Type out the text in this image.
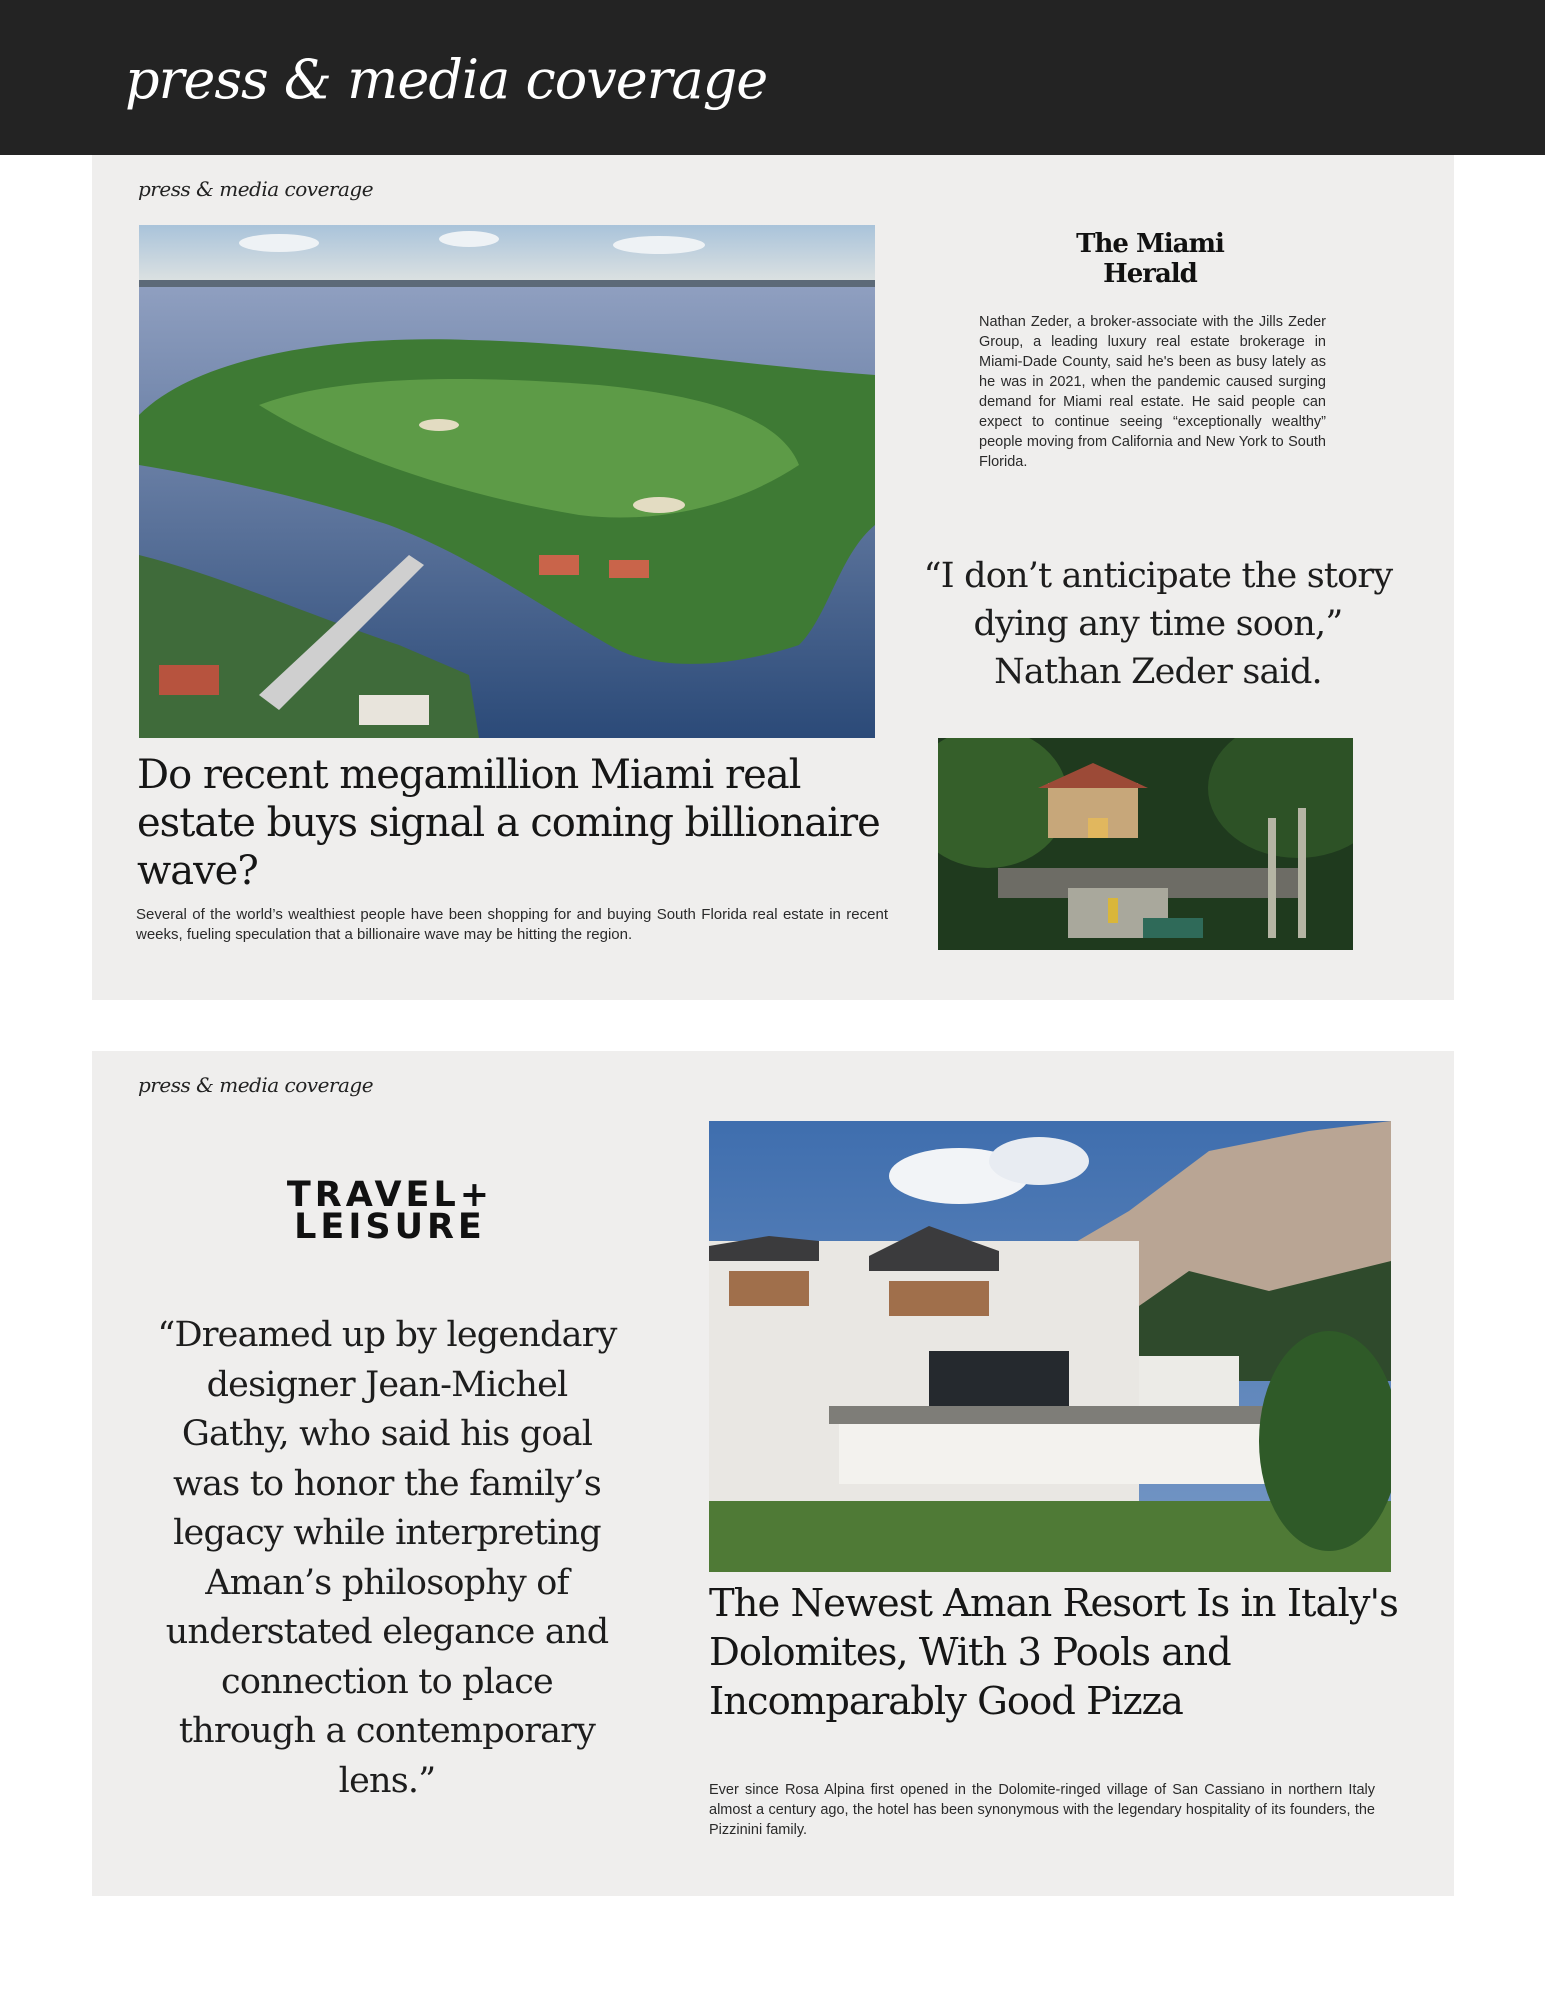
press & media coverage

press & media coverage

Do recent megamillion Miami real estate buys signal a coming billionaire wave?

Several of the world’s wealthiest people have been shopping for and buying South Florida real estate in recent weeks, fueling speculation that a billionaire wave may be hitting the region.

The Miami Herald

Nathan Zeder, a broker-associate with the Jills Zeder Group, a leading luxury real estate brokerage in Miami-Dade County, said he's been as busy lately as he was in 2021, when the pandemic caused surging demand for Miami real estate. He said people can expect to continue seeing “exceptionally wealthy” people moving from California and New York to South Florida.

“I don’t anticipate the story dying any time soon,” Nathan Zeder said.

press & media coverage

TRAVEL+
LEISURE

“Dreamed up by legendary designer Jean-Michel Gathy, who said his goal was to honor the family’s legacy while interpreting Aman’s philosophy of understated elegance and connection to place through a contemporary lens.”

The Newest Aman Resort Is in Italy's Dolomites, With 3 Pools and Incomparably Good Pizza

Ever since Rosa Alpina first opened in the Dolomite-ringed village of San Cassiano in northern Italy almost a century ago, the hotel has been synonymous with the legendary hospitality of its founders, the Pizzinini family.
